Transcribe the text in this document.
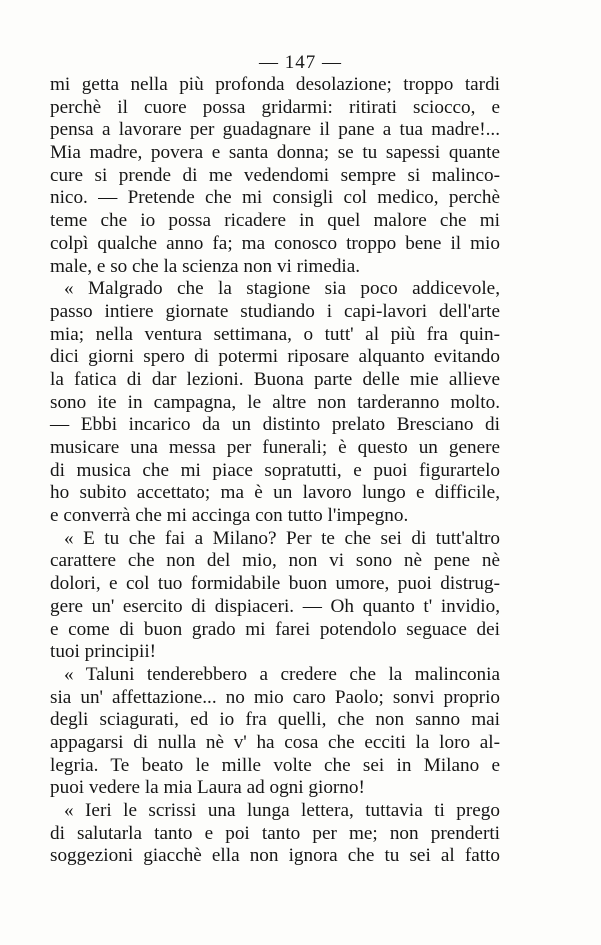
— 147 —
mi getta nella più profonda desolazione; troppo tardi
perchè il cuore possa gridarmi: ritirati sciocco, e
pensa a lavorare per guadagnare il pane a tua madre!...
Mia madre, povera e santa donna; se tu sapessi quante
cure si prende di me vedendomi sempre si malinco-
nico. — Pretende che mi consigli col medico, perchè
teme che io possa ricadere in quel malore che mi
colpì qualche anno fa; ma conosco troppo bene il mio
male, e so che la scienza non vi rimedia.
« Malgrado che la stagione sia poco addicevole,
passo intiere giornate studiando i capi-lavori dell'arte
mia; nella ventura settimana, o tutt' al più fra quin-
dici giorni spero di potermi riposare alquanto evitando
la fatica di dar lezioni. Buona parte delle mie allieve
sono ite in campagna, le altre non tarderanno molto.
— Ebbi incarico da un distinto prelato Bresciano di
musicare una messa per funerali; è questo un genere
di musica che mi piace sopratutti, e puoi figurartelo
ho subito accettato; ma è un lavoro lungo e difficile,
e converrà che mi accinga con tutto l'impegno.
« E tu che fai a Milano? Per te che sei di tutt'altro
carattere che non del mio, non vi sono nè pene nè
dolori, e col tuo formidabile buon umore, puoi distrug-
gere un' esercito di dispiaceri. — Oh quanto t' invidio,
e come di buon grado mi farei potendolo seguace dei
tuoi principii!
« Taluni tenderebbero a credere che la malinconia
sia un' affettazione... no mio caro Paolo; sonvi proprio
degli sciagurati, ed io fra quelli, che non sanno mai
appagarsi di nulla nè v' ha cosa che ecciti la loro al-
legria. Te beato le mille volte che sei in Milano e
puoi vedere la mia Laura ad ogni giorno!
« Ieri le scrissi una lunga lettera, tuttavia ti prego
di salutarla tanto e poi tanto per me; non prenderti
soggezioni giacchè ella non ignora che tu sei al fatto
